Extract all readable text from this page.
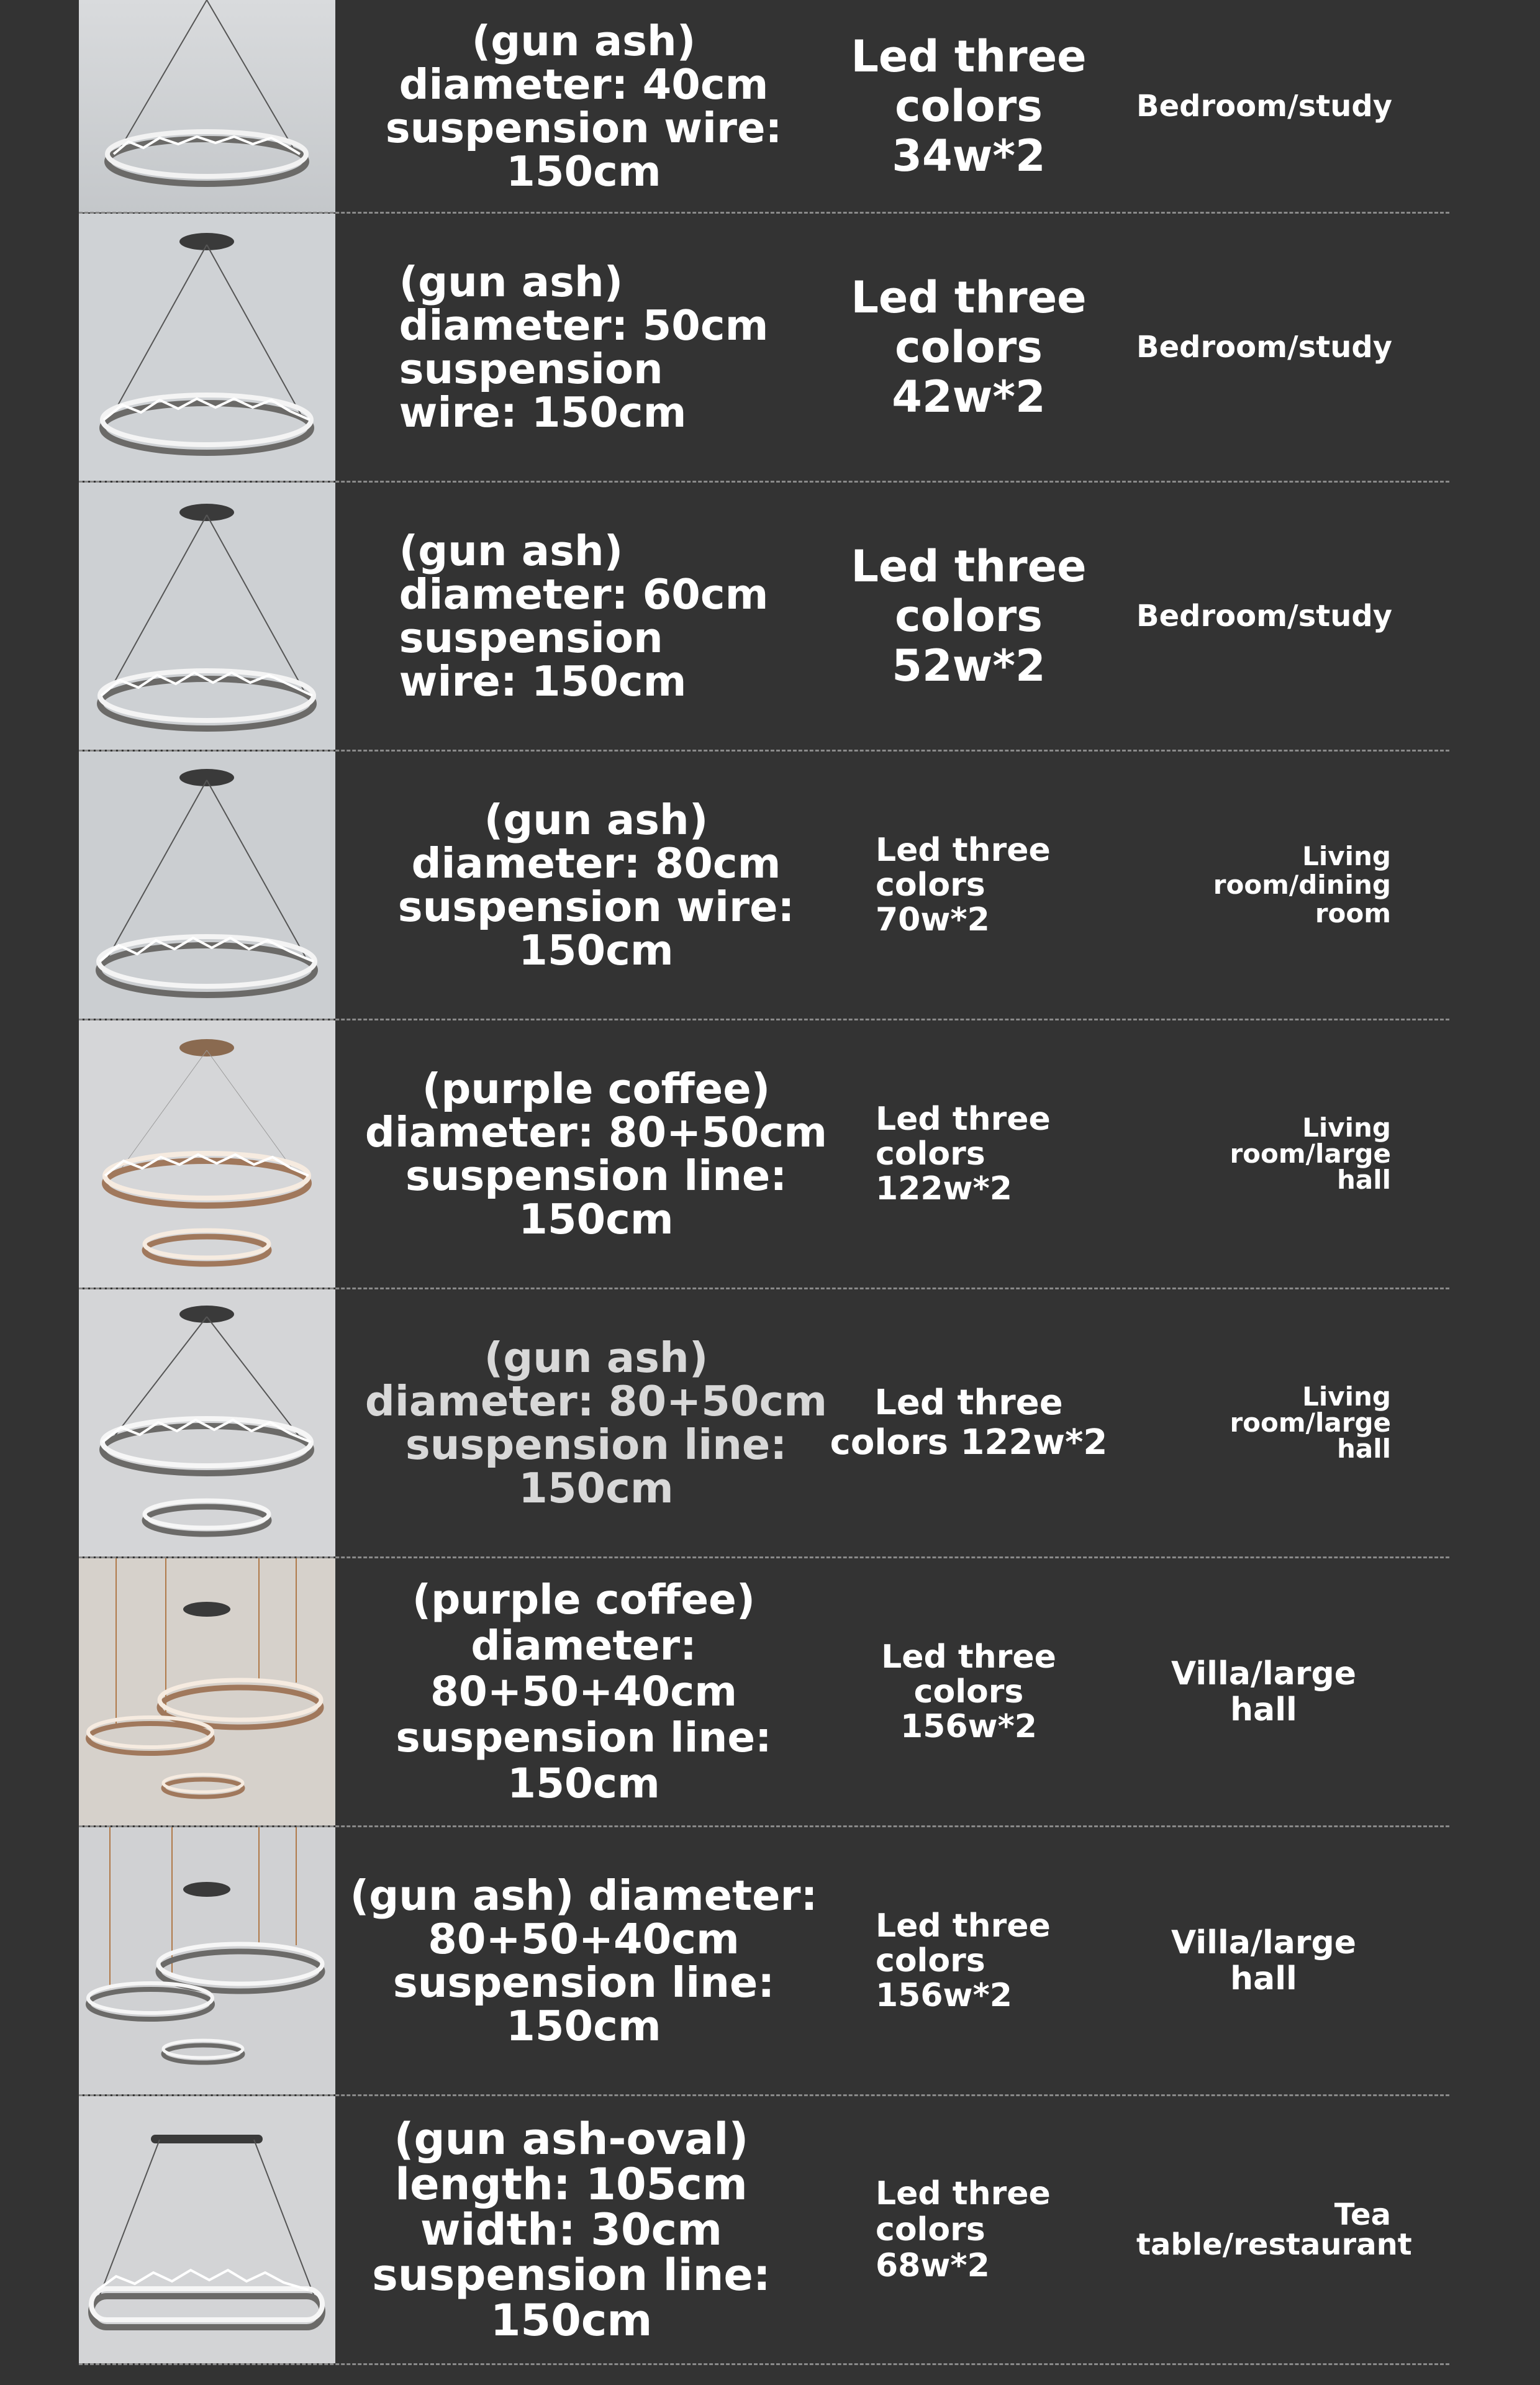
(gun ash)
diameter: 40cm
suspension wire:
150cm
Led three
colors 34w*2
Bedroom/study
(gun ash)
diameter: 50cm
suspension
wire: 150cm
Led three
colors 42w*2
Bedroom/study
(gun ash)
diameter: 60cm
suspension
wire: 150cm
Led three
colors 52w*2
Bedroom/study
(gun ash)
diameter: 80cm
suspension wire:
150cm
Led three
colors
70w*2
Living
room/dining room
(purple coffee)
diameter: 80+50cm
suspension line:
150cm
Led three
colors
122w*2
Living room/large
hall
(gun ash)
diameter: 80+50cm
suspension line:
150cm
Led three
colors 122w*2
Living room/large
hall
(purple coffee)
diameter: 80+50+40cm
suspension line: 150cm
Led three
colors
156w*2
Villa/large hall
(gun ash) diameter:
80+50+40cm
suspension line:
150cm
Led three
colors
156w*2
Villa/large hall
(gun ash-oval)
length: 105cm
width: 30cm
suspension line:
150cm
Led three
colors 68w*2
Tea
table/restaurant
